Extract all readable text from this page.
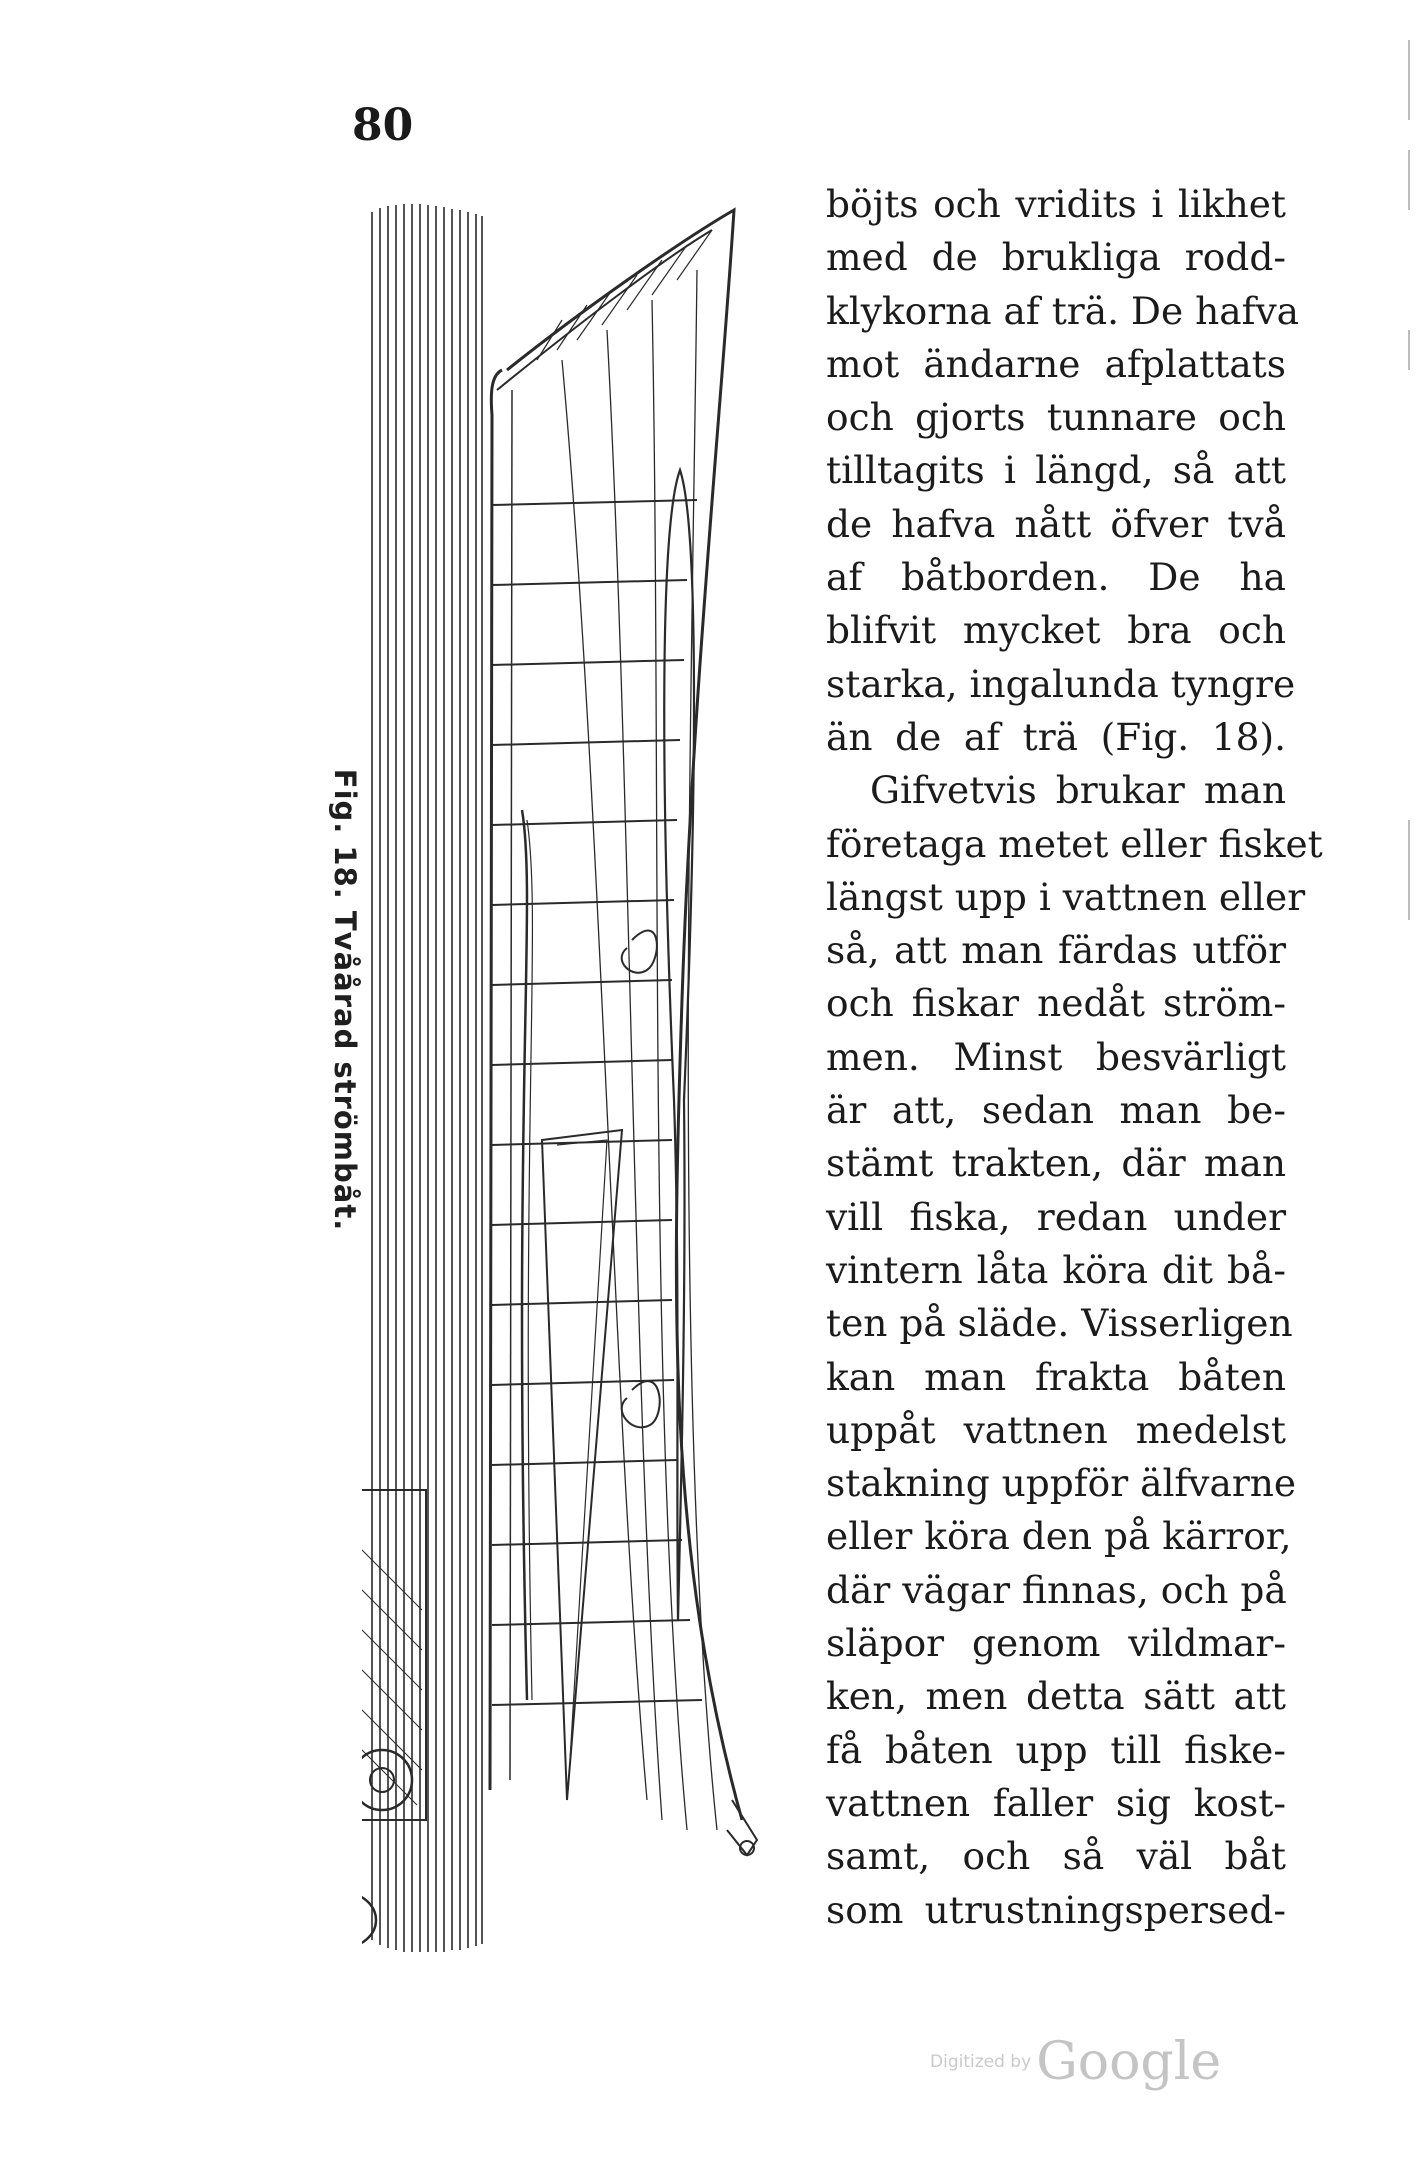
80
Fig. 18. Tvåårad strömbåt.
böjts och vridits i likhet
med de brukliga rodd-
klykorna af trä. De hafva
mot ändarne afplattats
och gjorts tunnare och
tilltagits i längd, så att
de hafva nått öfver två
af båtborden. De ha
blifvit mycket bra och
starka, ingalunda tyngre
än de af trä (Fig. 18).
Gifvetvis brukar man
företaga metet eller fisket
längst upp i vattnen eller
så, att man färdas utför
och fiskar nedåt ström-
men. Minst besvärligt
är att, sedan man be-
stämt trakten, där man
vill fiska, redan under
vintern låta köra dit bå-
ten på släde. Visserligen
kan man frakta båten
uppåt vattnen medelst
stakning uppför älfvarne
eller köra den på kärror,
där vägar finnas, och på
släpor genom vildmar-
ken, men detta sätt att
få båten upp till fiske-
vattnen faller sig kost-
samt, och så väl båt
som utrustningspersed-
Digitized by Google
